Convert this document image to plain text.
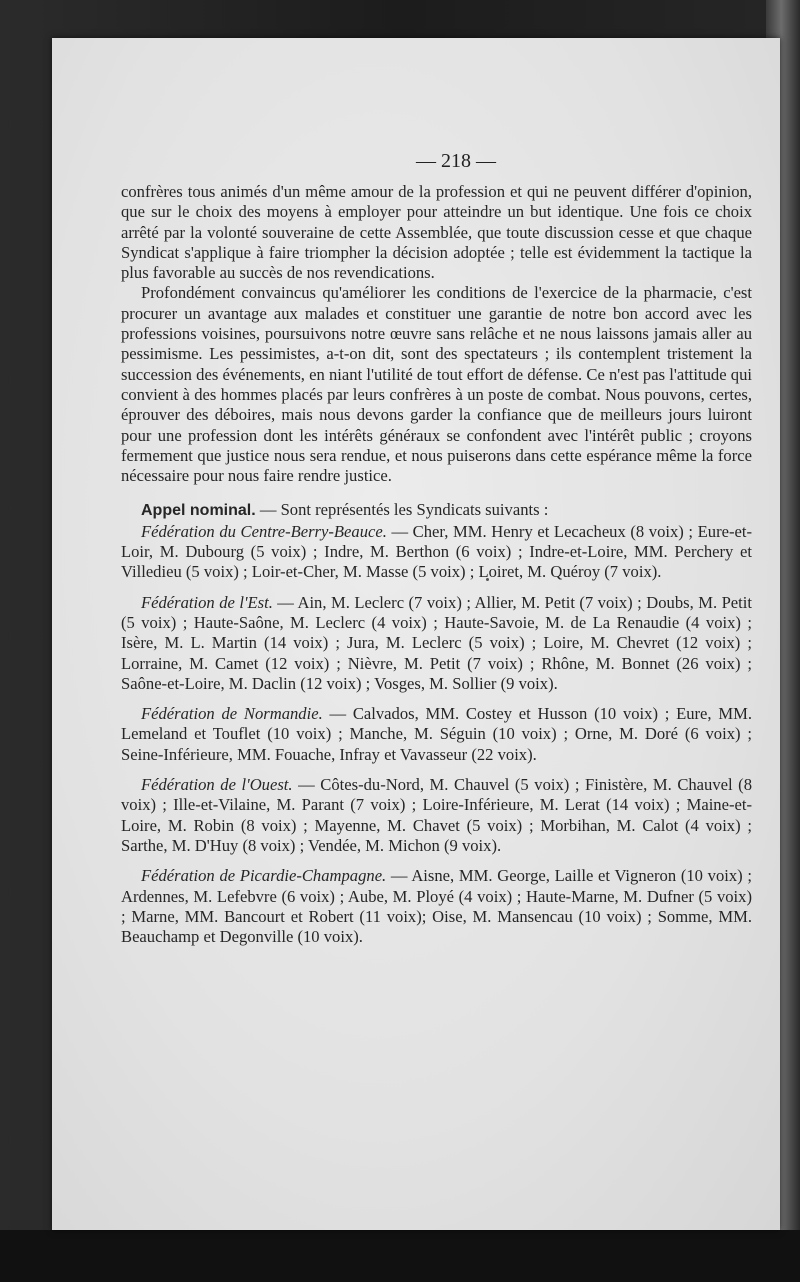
— 218 —

confrères tous animés d'un même amour de la profession et qui ne peuvent différer d'opinion, que sur le choix des moyens à employer pour atteindre un but identique. Une fois ce choix arrêté par la volonté souveraine de cette Assemblée, que toute discussion cesse et que chaque Syndicat s'applique à faire triompher la décision adoptée ; telle est évidemment la tactique la plus favorable au succès de nos revendications.

Profondément convaincus qu'améliorer les conditions de l'exercice de la pharmacie, c'est procurer un avantage aux malades et constituer une garantie de notre bon accord avec les professions voisines, poursuivons notre œuvre sans relâche et ne nous laissons jamais aller au pessimisme. Les pessimistes, a-t-on dit, sont des spectateurs ; ils contemplent tristement la succession des événements, en niant l'utilité de tout effort de défense. Ce n'est pas l'attitude qui convient à des hommes placés par leurs confrères à un poste de combat. Nous pouvons, certes, éprouver des déboires, mais nous devons garder la confiance que de meilleurs jours luiront pour une profession dont les intérêts généraux se confondent avec l'intérêt public ; croyons fermement que justice nous sera rendue, et nous puiserons dans cette espérance même la force nécessaire pour nous faire rendre justice.

Appel nominal. — Sont représentés les Syndicats suivants :

Fédération du Centre-Berry-Beauce. — Cher, MM. Henry et Lecacheux (8 voix) ; Eure-et-Loir, M. Dubourg (5 voix) ; Indre, M. Berthon (6 voix) ; Indre-et-Loire, MM. Perchery et Villedieu (5 voix) ; Loir-et-Cher, M. Masse (5 voix) ; Loiret, M. Quéroy (7 voix).

Fédération de l'Est. — Ain, M. Leclerc (7 voix) ; Allier, M. Petit (7 voix) ; Doubs, M. Petit (5 voix) ; Haute-Saône, M. Leclerc (4 voix) ; Haute-Savoie, M. de La Renaudie (4 voix) ; Isère, M. L. Martin (14 voix) ; Jura, M. Leclerc (5 voix) ; Loire, M. Chevret (12 voix) ; Lorraine, M. Camet (12 voix) ; Nièvre, M. Petit (7 voix) ; Rhône, M. Bonnet (26 voix) ; Saône-et-Loire, M. Daclin (12 voix) ; Vosges, M. Sollier (9 voix).

Fédération de Normandie. — Calvados, MM. Costey et Husson (10 voix) ; Eure, MM. Lemeland et Touflet (10 voix) ; Manche, M. Séguin (10 voix) ; Orne, M. Doré (6 voix) ; Seine-Inférieure, MM. Fouache, Infray et Vavasseur (22 voix).

Fédération de l'Ouest. — Côtes-du-Nord, M. Chauvel (5 voix) ; Finistère, M. Chauvel (8 voix) ; Ille-et-Vilaine, M. Parant (7 voix) ; Loire-Inférieure, M. Lerat (14 voix) ; Maine-et-Loire, M. Robin (8 voix) ; Mayenne, M. Chavet (5 voix) ; Morbihan, M. Calot (4 voix) ; Sarthe, M. D'Huy (8 voix) ; Vendée, M. Michon (9 voix).

Fédération de Picardie-Champagne. — Aisne, MM. George, Laille et Vigneron (10 voix) ; Ardennes, M. Lefebvre (6 voix) ; Aube, M. Ployé (4 voix) ; Haute-Marne, M. Dufner (5 voix) ; Marne, MM. Bancourt et Robert (11 voix); Oise, M. Mansencau (10 voix) ; Somme, MM. Beauchamp et Degonville (10 voix).
